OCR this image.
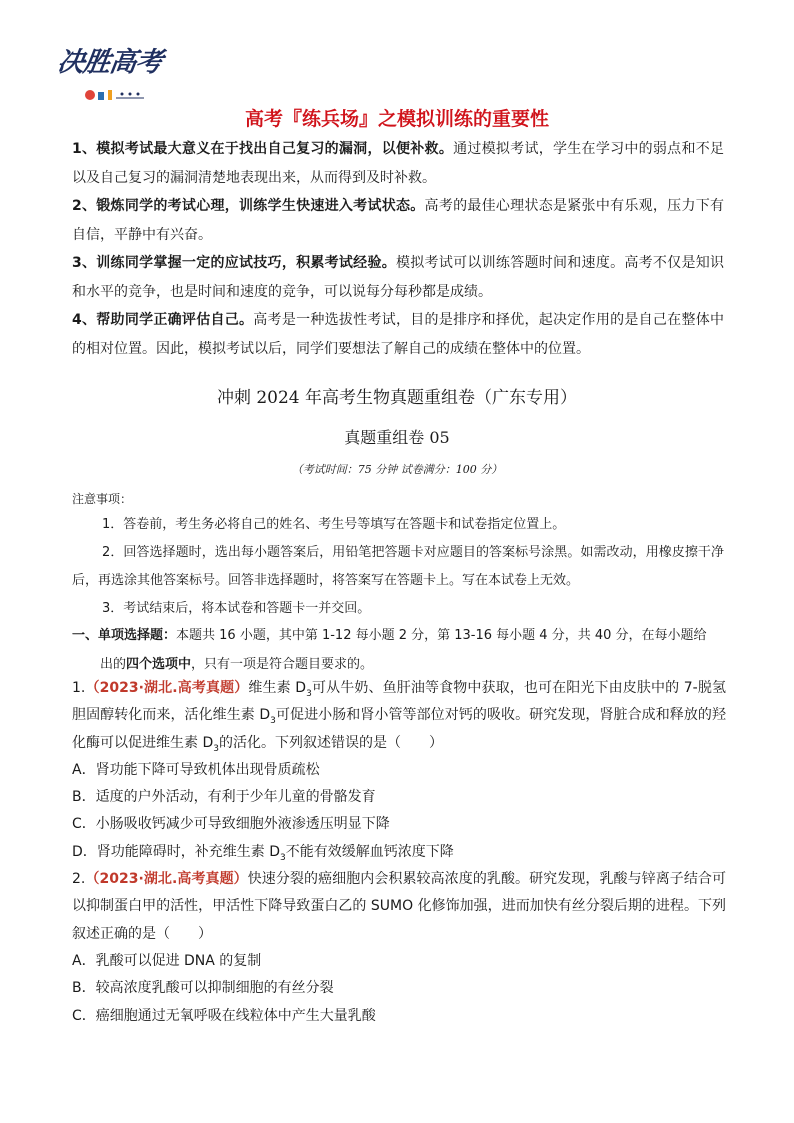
决胜高考
高考『练兵场』之模拟训练的重要性

1、模拟考试最大意义在于找出自己复习的漏洞，以便补救。通过模拟考试，学生在学习中的弱点和不足以及自己复习的漏洞清楚地表现出来，从而得到及时补救。

2、锻炼同学的考试心理，训练学生快速进入考试状态。高考的最佳心理状态是紧张中有乐观，压力下有自信，平静中有兴奋。

3、训练同学掌握一定的应试技巧，积累考试经验。模拟考试可以训练答题时间和速度。高考不仅是知识和水平的竞争，也是时间和速度的竞争，可以说每分每秒都是成绩。

4、帮助同学正确评估自己。高考是一种选拔性考试，目的是排序和择优，起决定作用的是自己在整体中的相对位置。因此，模拟考试以后，同学们要想法了解自己的成绩在整体中的位置。

冲刺 2024 年高考生物真题重组卷（广东专用）
真题重组卷 05
（考试时间：75 分钟 试卷满分：100 分）

注意事项：

1．答卷前，考生务必将自己的姓名、考生号等填写在答题卡和试卷指定位置上。

2．回答选择题时，选出每小题答案后，用铅笔把答题卡对应题目的答案标号涂黑。如需改动，用橡皮擦干净后，再选涂其他答案标号。回答非选择题时，将答案写在答题卡上。写在本试卷上无效。

3．考试结束后，将本试卷和答题卡一并交回。

一、单项选择题：本题共 16 小题，其中第 1-12 每小题 2 分，第 13-16 每小题 4 分，共 40 分，在每小题给

出的四个选项中，只有一项是符合题目要求的。

1.（2023·湖北.高考真题）维生素 $D_3$可从牛奶、鱼肝油等食物中获取，也可在阳光下由皮肤中的 7-脱氢胆固醇转化而来，活化维生素 $D_3$可促进小肠和肾小管等部位对钙的吸收。研究发现，肾脏合成和释放的羟化酶可以促进维生素 $D_3$的活化。下列叙述错误的是（　　）

A．肾功能下降可导致机体出现骨质疏松

B．适度的户外活动，有利于少年儿童的骨骼发育

C．小肠吸收钙减少可导致细胞外液渗透压明显下降

D．肾功能障碍时，补充维生素 $D_3$不能有效缓解血钙浓度下降

2.（2023·湖北.高考真题）快速分裂的癌细胞内会积累较高浓度的乳酸。研究发现，乳酸与锌离子结合可以抑制蛋白甲的活性，甲活性下降导致蛋白乙的 SUMO 化修饰加强，进而加快有丝分裂后期的进程。下列叙述正确的是（　　）

A．乳酸可以促进 DNA 的复制

B．较高浓度乳酸可以抑制细胞的有丝分裂

C．癌细胞通过无氧呼吸在线粒体中产生大量乳酸
